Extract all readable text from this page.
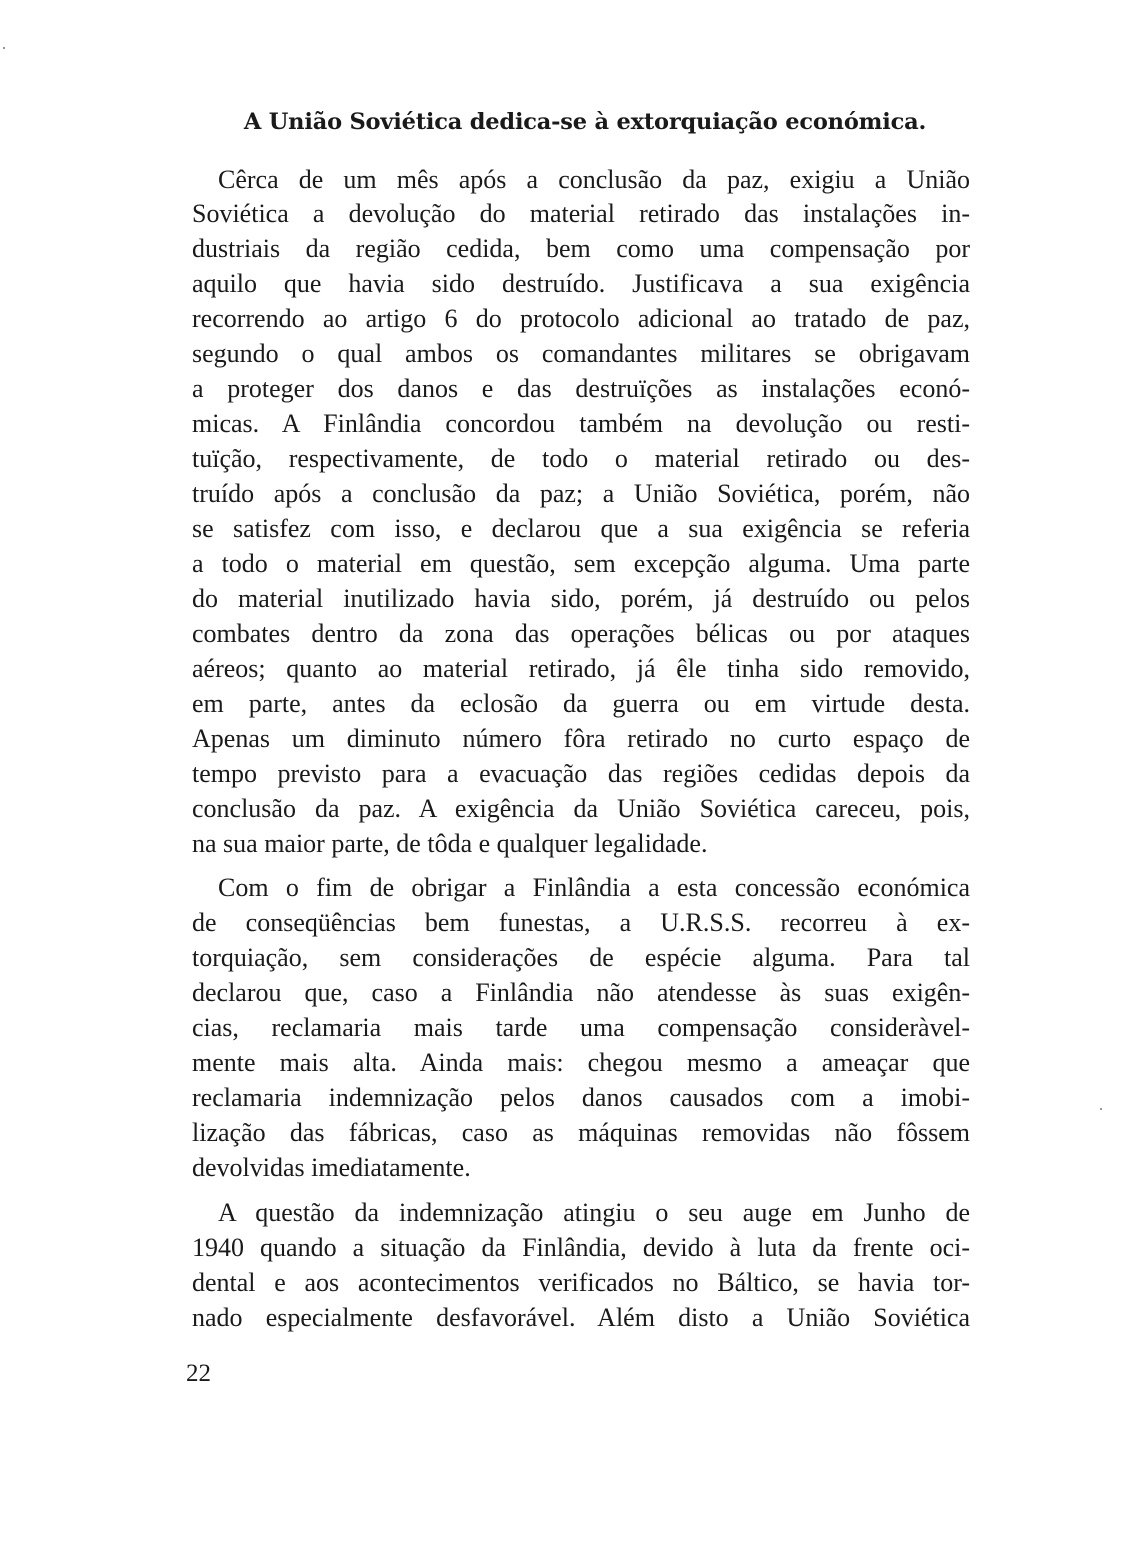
A União Soviética dedica-se à extorquiação económica.
Cêrca de um mês após a conclusão da paz, exigiu a União
Soviética a devolução do material retirado das instalações in-
dustriais da região cedida, bem como uma compensação por
aquilo que havia sido destruído. Justificava a sua exigência
recorrendo ao artigo 6 do protocolo adicional ao tratado de paz,
segundo o qual ambos os comandantes militares se obrigavam
a proteger dos danos e das destruïções as instalações econó-
micas. A Finlândia concordou também na devolução ou resti-
tuïção, respectivamente, de todo o material retirado ou des-
truído após a conclusão da paz; a União Soviética, porém, não
se satisfez com isso, e declarou que a sua exigência se referia
a todo o material em questão, sem excepção alguma. Uma parte
do material inutilizado havia sido, porém, já destruído ou pelos
combates dentro da zona das operações bélicas ou por ataques
aéreos; quanto ao material retirado, já êle tinha sido removido,
em parte, antes da eclosão da guerra ou em virtude desta.
Apenas um diminuto número fôra retirado no curto espaço de
tempo previsto para a evacuação das regiões cedidas depois da
conclusão da paz. A exigência da União Soviética careceu, pois,
na sua maior parte, de tôda e qualquer legalidade.
Com o fim de obrigar a Finlândia a esta concessão económica
de conseqüências bem funestas, a U.R.S.S. recorreu à ex-
torquiação, sem considerações de espécie alguma. Para tal
declarou que, caso a Finlândia não atendesse às suas exigên-
cias, reclamaria mais tarde uma compensação consideràvel-
mente mais alta. Ainda mais: chegou mesmo a ameaçar que
reclamaria indemnização pelos danos causados com a imobi-
lização das fábricas, caso as máquinas removidas não fôssem
devolvidas imediatamente.
A questão da indemnização atingiu o seu auge em Junho de
1940 quando a situação da Finlândia, devido à luta da frente oci-
dental e aos acontecimentos verificados no Báltico, se havia tor-
nado especialmente desfavorável. Além disto a União Soviética
22
